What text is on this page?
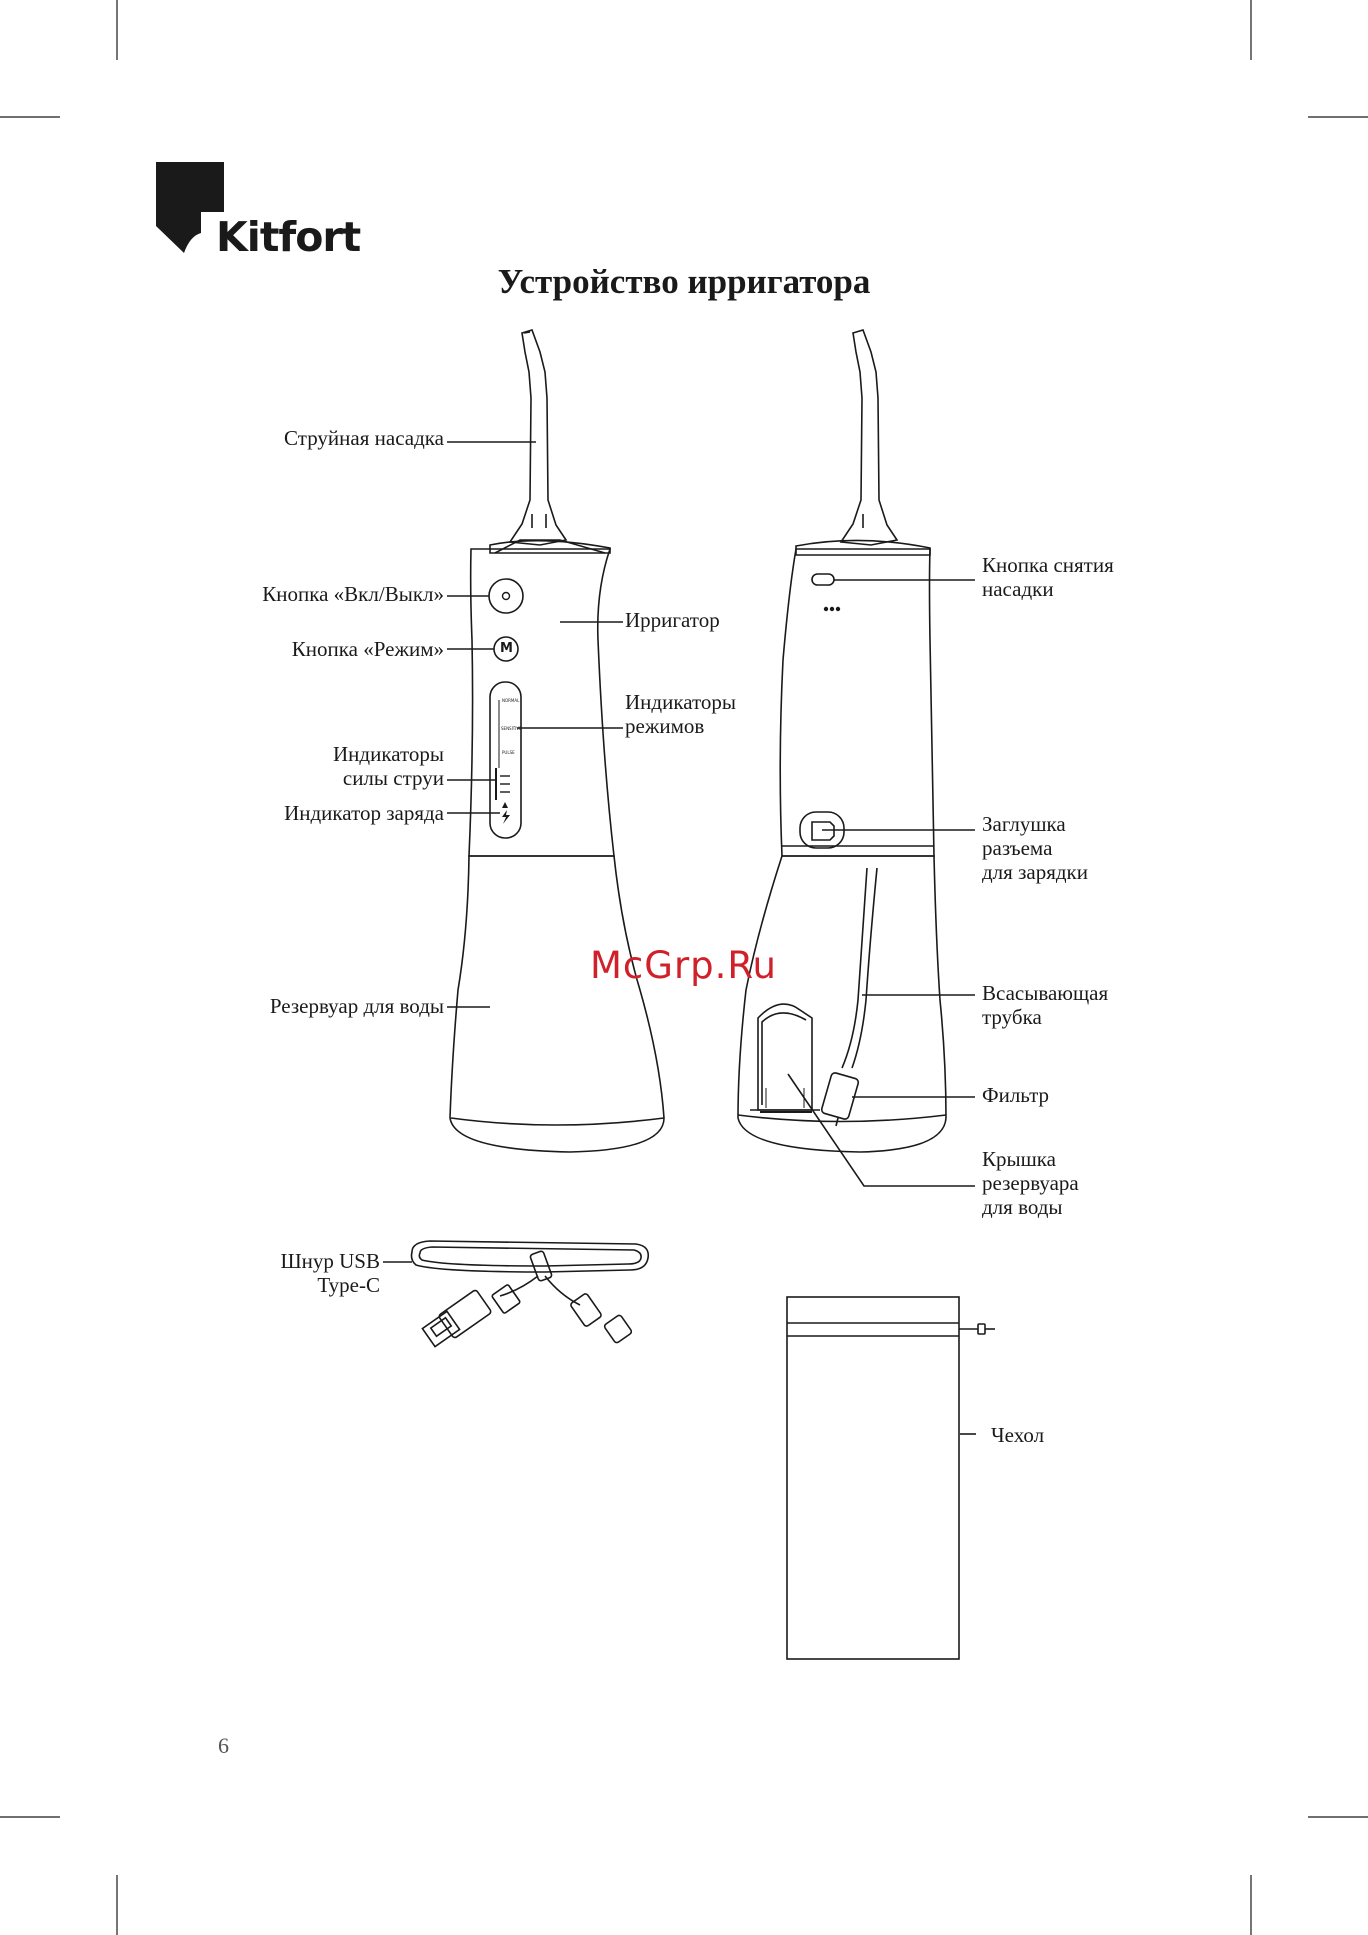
Kitfort
Устройство ирригатора
M
NORMAL
SENSITIVE
PULSE
Струйная насадка
Кнопка «Вкл/Выкл»
Кнопка «Режим»
Индикаторы
силы струи
Индикатор заряда
Резервуар для воды
Шнур USB
Type-C
Ирригатор
Индикаторы
режимов
Кнопка снятия
насадки
Заглушка
разъема
для зарядки
Всасывающая
трубка
Фильтр
Крышка
резервуара
для воды
Чехол
McGrp.Ru
6
